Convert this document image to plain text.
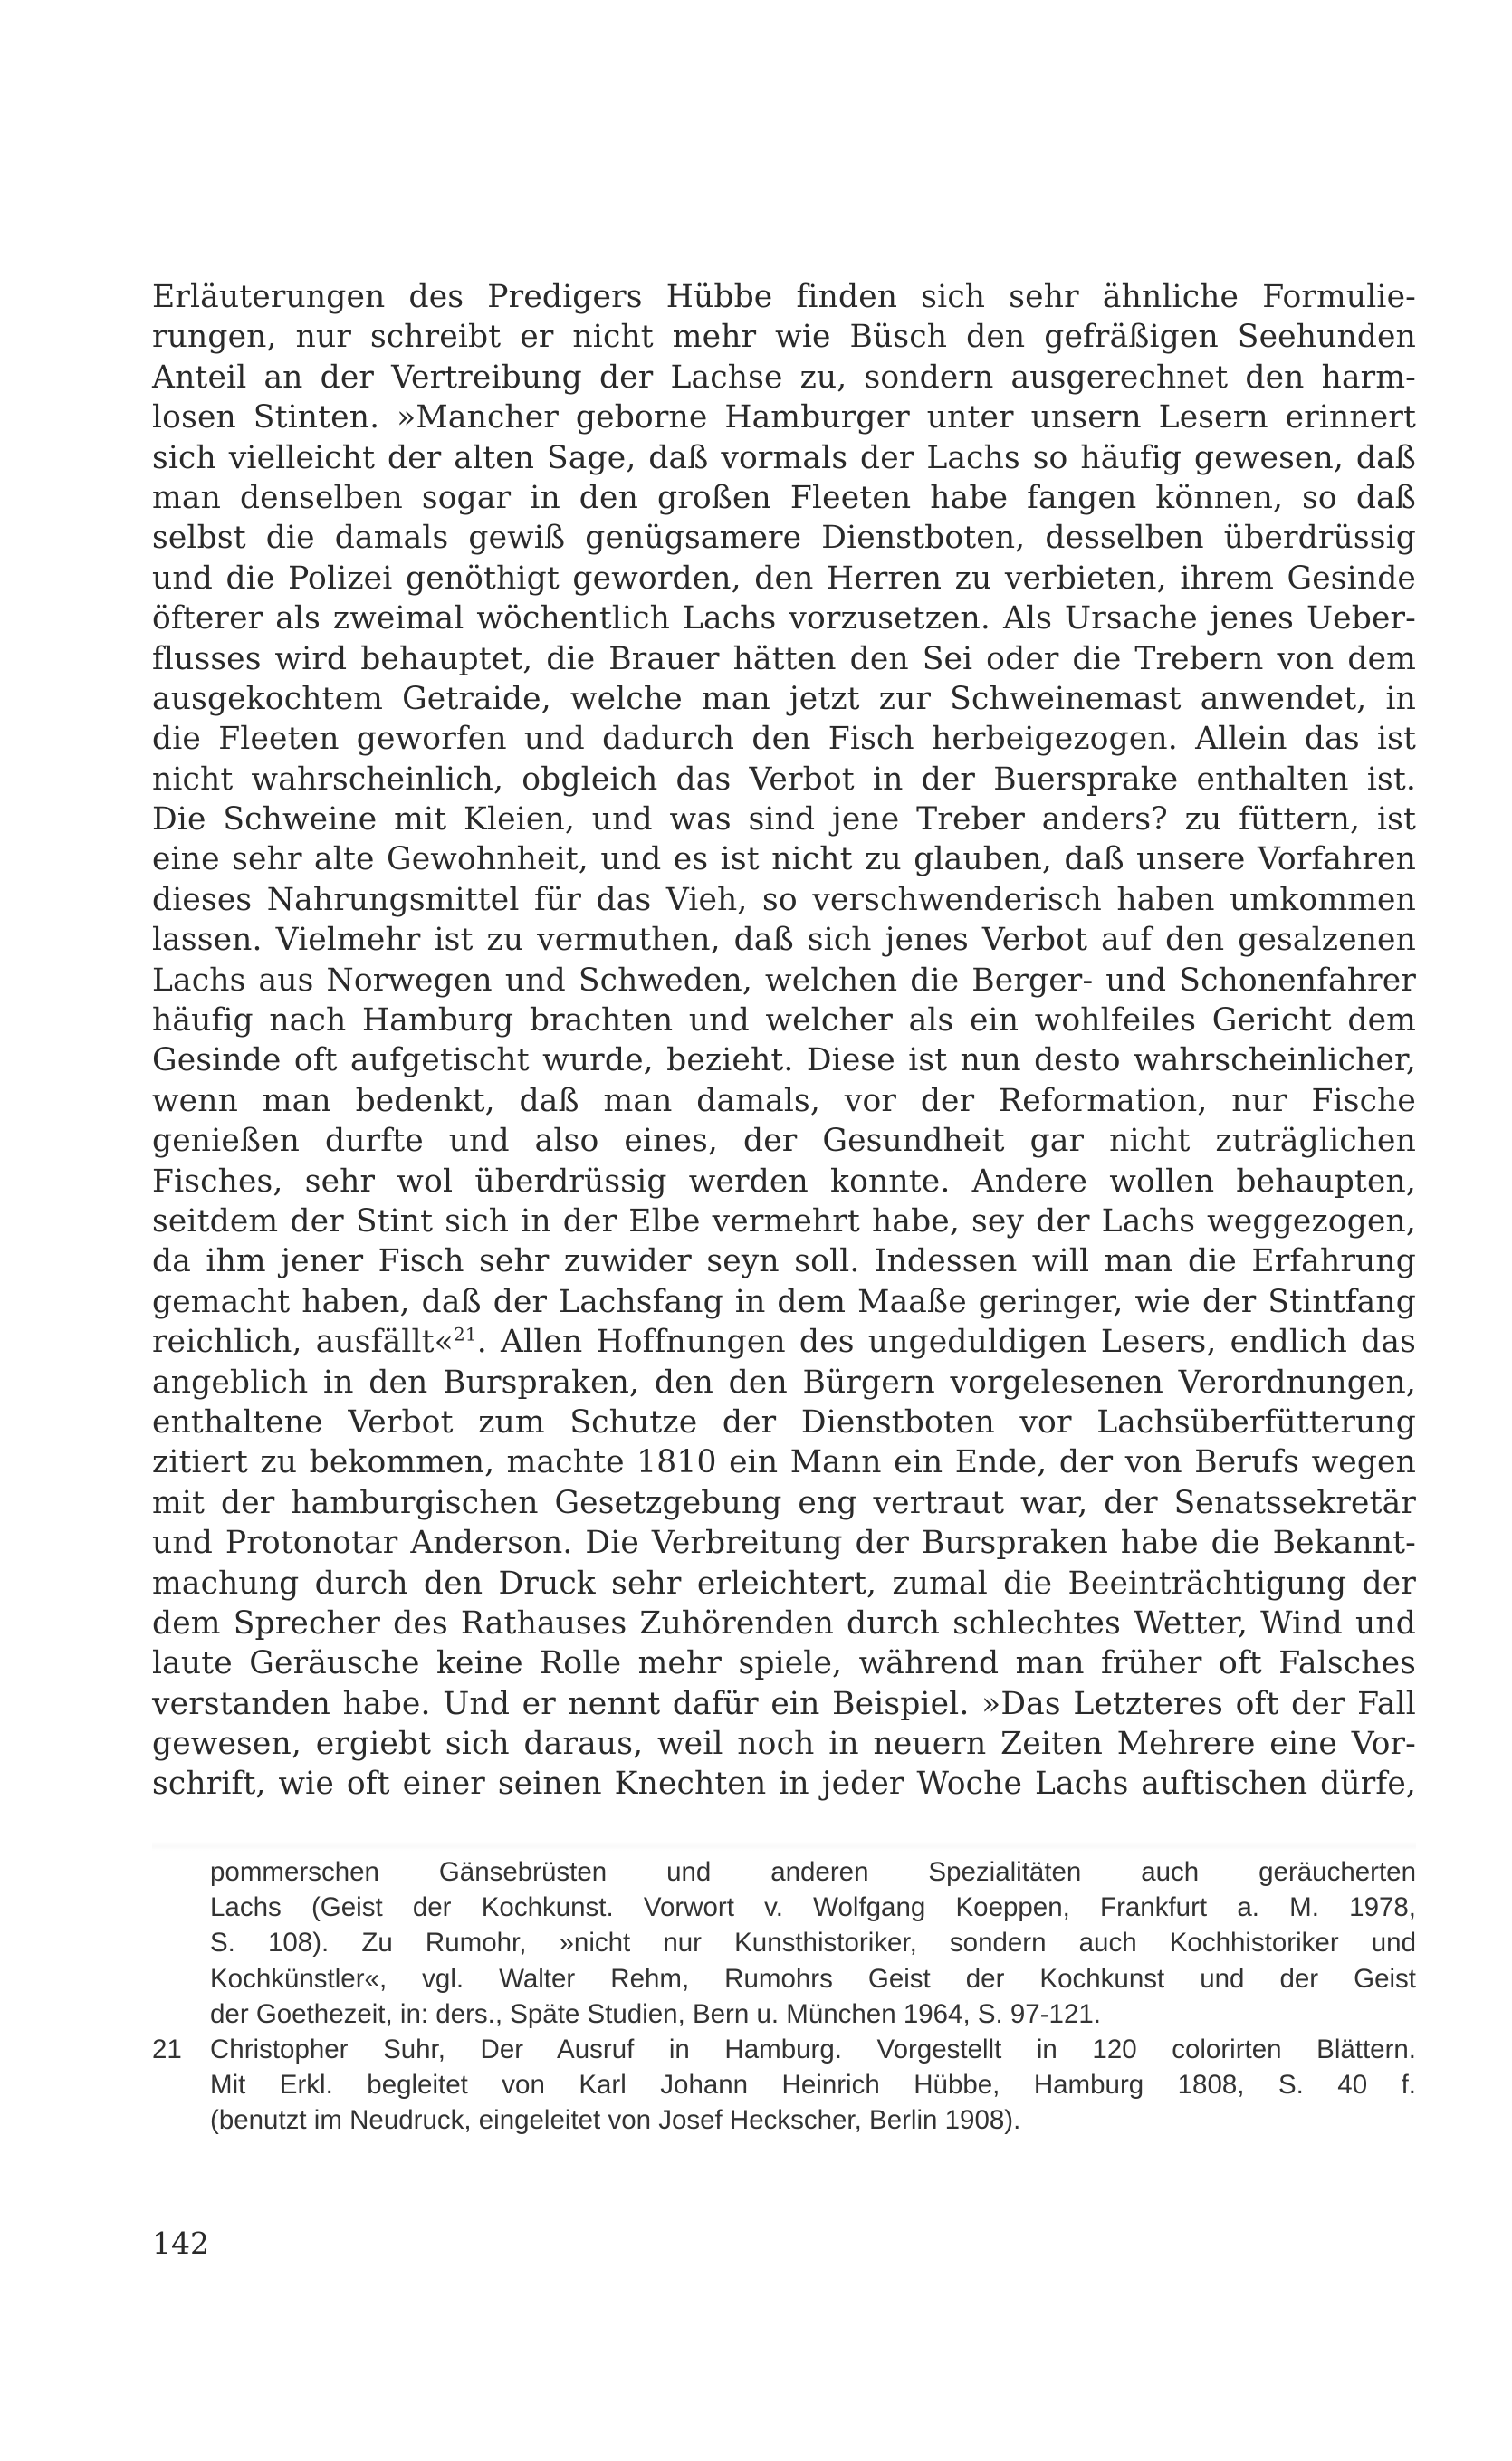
Erläuterungen des Predigers Hübbe finden sich sehr ähnliche Formulie-
rungen, nur schreibt er nicht mehr wie Büsch den gefräßigen Seehunden
Anteil an der Vertreibung der Lachse zu, sondern ausgerechnet den harm-
losen Stinten. »Mancher geborne Hamburger unter unsern Lesern erinnert
sich vielleicht der alten Sage, daß vormals der Lachs so häufig gewesen, daß
man denselben sogar in den großen Fleeten habe fangen können, so daß
selbst die damals gewiß genügsamere Dienstboten, desselben überdrüssig
und die Polizei genöthigt geworden, den Herren zu verbieten, ihrem Gesinde
öfterer als zweimal wöchentlich Lachs vorzusetzen. Als Ursache jenes Ueber-
flusses wird behauptet, die Brauer hätten den Sei oder die Trebern von dem
ausgekochtem Getraide, welche man jetzt zur Schweinemast anwendet, in
die Fleeten geworfen und dadurch den Fisch herbeigezogen. Allein das ist
nicht wahrscheinlich, obgleich das Verbot in der Buersprake enthalten ist.
Die Schweine mit Kleien, und was sind jene Treber anders? zu füttern, ist
eine sehr alte Gewohnheit, und es ist nicht zu glauben, daß unsere Vorfahren
dieses Nahrungsmittel für das Vieh, so verschwenderisch haben umkommen
lassen. Vielmehr ist zu vermuthen, daß sich jenes Verbot auf den gesalzenen
Lachs aus Norwegen und Schweden, welchen die Berger- und Schonenfahrer
häufig nach Hamburg brachten und welcher als ein wohlfeiles Gericht dem
Gesinde oft aufgetischt wurde, bezieht. Diese ist nun desto wahrscheinlicher,
wenn man bedenkt, daß man damals, vor der Reformation, nur Fische
genießen durfte und also eines, der Gesundheit gar nicht zuträglichen
Fisches, sehr wol überdrüssig werden konnte. Andere wollen behaupten,
seitdem der Stint sich in der Elbe vermehrt habe, sey der Lachs weggezogen,
da ihm jener Fisch sehr zuwider seyn soll. Indessen will man die Erfahrung
gemacht haben, daß der Lachsfang in dem Maaße geringer, wie der Stintfang
reichlich, ausfällt«$^{21}$. Allen Hoffnungen des ungeduldigen Lesers, endlich das
angeblich in den Burspraken, den den Bürgern vorgelesenen Verordnungen,
enthaltene Verbot zum Schutze der Dienstboten vor Lachsüberfütterung
zitiert zu bekommen, machte 1810 ein Mann ein Ende, der von Berufs wegen
mit der hamburgischen Gesetzgebung eng vertraut war, der Senatssekretär
und Protonotar Anderson. Die Verbreitung der Burspraken habe die Bekannt-
machung durch den Druck sehr erleichtert, zumal die Beeinträchtigung der
dem Sprecher des Rathauses Zuhörenden durch schlechtes Wetter, Wind und
laute Geräusche keine Rolle mehr spiele, während man früher oft Falsches
verstanden habe. Und er nennt dafür ein Beispiel. »Das Letzteres oft der Fall
gewesen, ergiebt sich daraus, weil noch in neuern Zeiten Mehrere eine Vor-
schrift, wie oft einer seinen Knechten in jeder Woche Lachs auftischen dürfe,
pommerschen Gänsebrüsten und anderen Spezialitäten auch geräucherten
Lachs (Geist der Kochkunst. Vorwort v. Wolfgang Koeppen, Frankfurt a. M. 1978,
S. 108). Zu Rumohr, »nicht nur Kunsthistoriker, sondern auch Kochhistoriker und
Kochkünstler«, vgl. Walter Rehm, Rumohrs Geist der Kochkunst und der Geist
der Goethezeit, in: ders., Späte Studien, Bern u. München 1964, S. 97-121.
21	Christopher Suhr, Der Ausruf in Hamburg. Vorgestellt in 120 colorirten Blättern.
Mit Erkl. begleitet von Karl Johann Heinrich Hübbe, Hamburg 1808, S. 40 f.
(benutzt im Neudruck, eingeleitet von Josef Heckscher, Berlin 1908).
142
